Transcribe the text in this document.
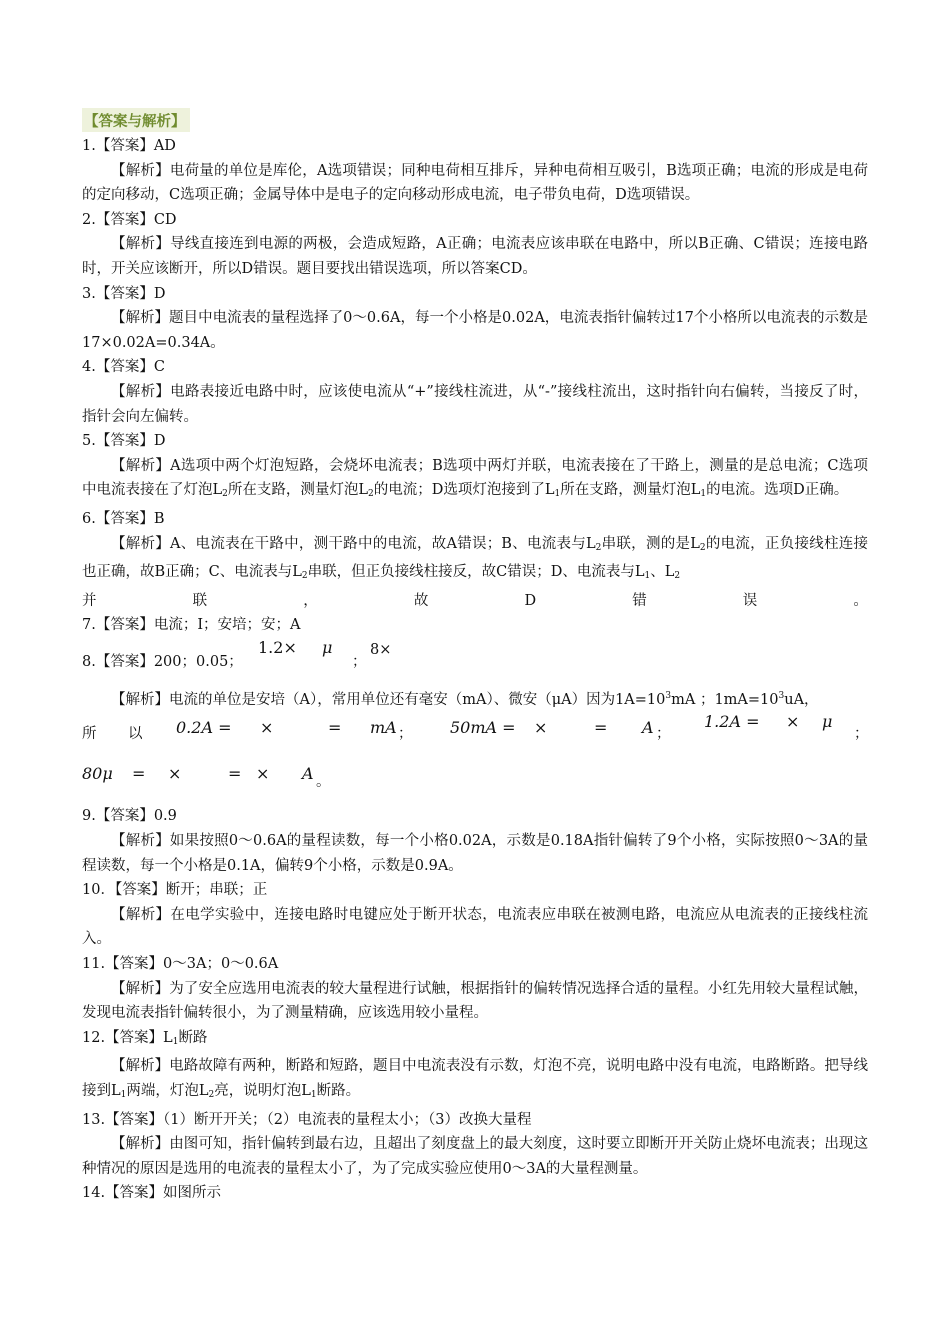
【答案与解析】
1.【答案】AD
【解析】电荷量的单位是库伦，A选项错误；同种电荷相互排斥，异种电荷相互吸引，B选项正确；电流的形成是电荷的定向移动，C选项正确；金属导体中是电子的定向移动形成电流，电子带负电荷，D选项错误。
2.【答案】CD
【解析】导线直接连到电源的两极，会造成短路，A正确；电流表应该串联在电路中，所以B正确、C错误；连接电路时，开关应该断开，所以D错误。题目要找出错误选项，所以答案CD。
3.【答案】D
【解析】题目中电流表的量程选择了0～0.6A，每一个小格是0.02A，电流表指针偏转过17个小格所以电流表的示数是17×0.02A=0.34A。
4.【答案】C
【解析】电路表接近电路中时，应该使电流从“+”接线柱流进，从“-”接线柱流出，这时指针向右偏转，当接反了时，指针会向左偏转。
5.【答案】D
【解析】A选项中两个灯泡短路，会烧坏电流表；B选项中两灯并联，电流表接在了干路上，测量的是总电流；C选项中电流表接在了灯泡$L_2$所在支路，测量灯泡$L_2$的电流；D选项灯泡接到了$L_1$所在支路，测量灯泡$L_1$的电流。选项D正确。
6.【答案】B
【解析】A、电流表在干路中，测干路中的电流，故A错误；B、电流表与$L_2$串联，测的是$L_2$的电流，正负接线柱连接也正确，故B正确；C、电流表与$L_2$串联，但正负接线柱接反，故C错误；D、电流表与$L_1$、$L_2$
并	联	，	故	D	错	误	。
7.【答案】电流；I；安培；安；A
8.【答案】200；0.05；
1.2× μ
；
8×
【解析】电流的单位是安培（A），常用单位还有毫安（mA）、微安（μA）因为$1A=10^3mA$ ；$1mA=10^3uA$，
所 以 0.2A = ×	= mA ； 50mA = ×	= A ；
1.2A = × μ
；
80μ = ×	= × A 。
9.【答案】0.9
【解析】如果按照0～0.6A的量程读数，每一个小格0.02A，示数是0.18A指针偏转了9个小格，实际按照0～3A的量程读数，每一个小格是0.1A，偏转9个小格，示数是0.9A。
10．【答案】断开；串联；正
【解析】在电学实验中，连接电路时电键应处于断开状态，电流表应串联在被测电路，电流应从电流表的正接线柱流入。
11.【答案】0～3A；0～0.6A
【解析】为了安全应选用电流表的较大量程进行试触，根据指针的偏转情况选择合适的量程。小红先用较大量程试触，发现电流表指针偏转很小，为了测量精确，应该选用较小量程。
12.【答案】$L_1$断路
【解析】电路故障有两种，断路和短路，题目中电流表没有示数，灯泡不亮，说明电路中没有电流，电路断路。把导线接到$L_1$两端，灯泡$L_2$亮，说明灯泡$L_1$断路。
13.【答案】（1）断开开关；（2）电流表的量程太小；（3）改换大量程
【解析】由图可知，指针偏转到最右边，且超出了刻度盘上的最大刻度，这时要立即断开开关防止烧坏电流表；出现这种情况的原因是选用的电流表的量程太小了，为了完成实验应使用0～3A的大量程测量。
14.【答案】如图所示
